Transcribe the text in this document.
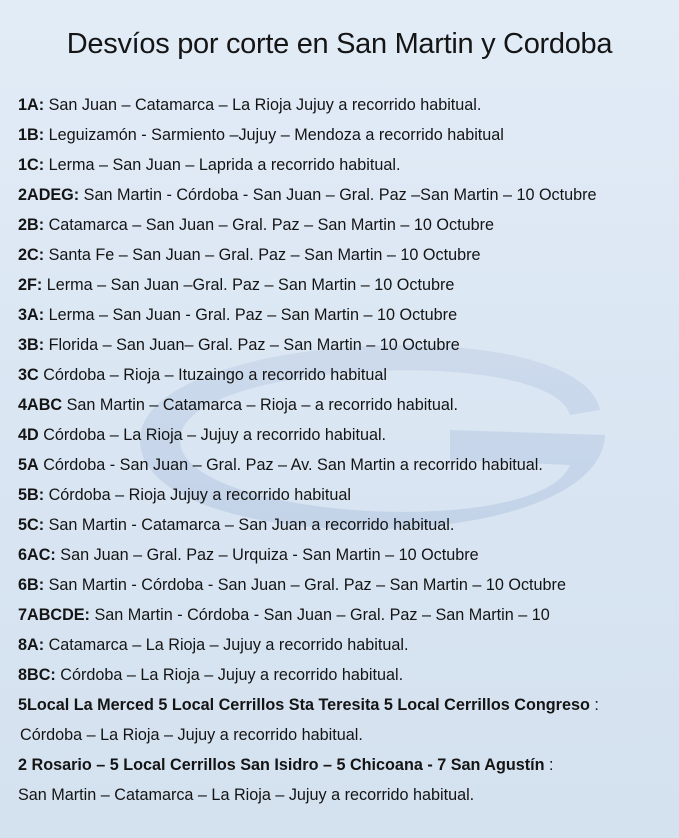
Desvíos por corte en San Martin y Cordoba
1A: San Juan – Catamarca – La Rioja Jujuy a recorrido habitual.
1B: Leguizamón - Sarmiento –Jujuy – Mendoza a recorrido habitual
1C: Lerma – San Juan – Laprida a recorrido habitual.
2ADEG: San Martin - Córdoba - San Juan – Gral. Paz –San Martin – 10 Octubre
2B: Catamarca – San Juan – Gral. Paz – San Martin – 10 Octubre
2C: Santa Fe – San Juan – Gral. Paz – San Martin – 10 Octubre
2F: Lerma – San Juan –Gral. Paz – San Martin – 10 Octubre
3A: Lerma – San Juan - Gral. Paz – San Martin – 10 Octubre
3B: Florida – San Juan– Gral. Paz – San Martin – 10 Octubre
3C Córdoba – Rioja – Ituzaingo a recorrido habitual
4ABC San Martin – Catamarca – Rioja – a recorrido habitual.
4D Córdoba – La Rioja – Jujuy a recorrido habitual.
5A Córdoba - San Juan – Gral. Paz – Av. San Martin a recorrido habitual.
5B: Córdoba – Rioja Jujuy a recorrido habitual
5C: San Martin - Catamarca – San Juan a recorrido habitual.
6AC: San Juan – Gral. Paz – Urquiza - San Martin – 10 Octubre
6B: San Martin - Córdoba - San Juan – Gral. Paz – San Martin – 10 Octubre
7ABCDE: San Martin - Córdoba - San Juan – Gral. Paz – San Martin – 10
8A: Catamarca – La Rioja – Jujuy a recorrido habitual.
8BC: Córdoba – La Rioja – Jujuy a recorrido habitual.
5Local La Merced 5 Local Cerrillos Sta Teresita 5 Local Cerrillos Congreso :
Córdoba – La Rioja – Jujuy a recorrido habitual.
2 Rosario – 5 Local Cerrillos San Isidro – 5 Chicoana - 7 San Agustín :
San Martin – Catamarca – La Rioja – Jujuy a recorrido habitual.
